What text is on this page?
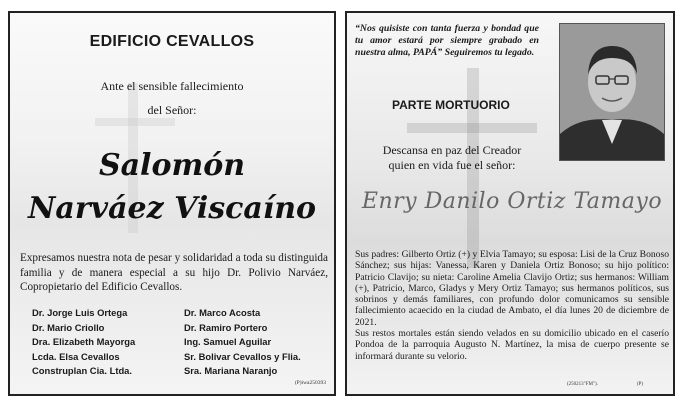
EDIFICIO CEVALLOS
Ante el sensible fallecimiento
del Señor:
Salomón
Narváez Viscaíno
Expresamos nuestra nota de pesar y solidaridad a toda su distinguida familia y de manera especial a su hijo Dr. Polivio Narváez, Copropietario del Edificio Cevallos.
Dr. Jorge Luis Ortega
Dr. Mario Criollo
Dra. Elizabeth Mayorga
Lcda. Elsa Cevallos
Construplan Cia. Ltda.
Dr. Marco Acosta
Dr. Ramiro Portero
Ing. Samuel Aguilar
Sr. Bolivar Cevallos y Flia.
Sra. Mariana Naranjo
(P)iwa250393
“Nos quisiste con tanta fuerza y bondad que tu amor estará por siempre grabado en nuestra alma, PAPÁ” Seguiremos tu legado.
PARTE MORTUORIO
Descansa en paz del Creador
quien en vida fue el señor:
Enry Danilo Ortiz Tamayo

Sus padres: Gilberto Ortiz (+) y Elvia Tamayo; su esposa: Lisi de la Cruz Bonoso Sánchez; sus hijas: Vanessa, Karen y Daniela Ortiz Bonoso; su hijo político: Patricio Clavijo; su nieta: Caroline Amelia Clavijo Ortiz; sus hermanos: William (+), Patricio, Marco, Gladys y Mery Ortiz Tamayo; sus hermanos políticos, sus sobrinos y demás familiares, con profundo dolor comunicamos su sensible fallecimiento acaecido en la ciudad de Ambato, el día lunes 20 de diciembre de 2021.

Sus restos mortales están siendo velados en su domicilio ubicado en el caserío Pondoa de la parroquia Augusto N. Martínez, la misa de cuerpo presente se informará durante su velorio.

(250213"FM").	(P)
